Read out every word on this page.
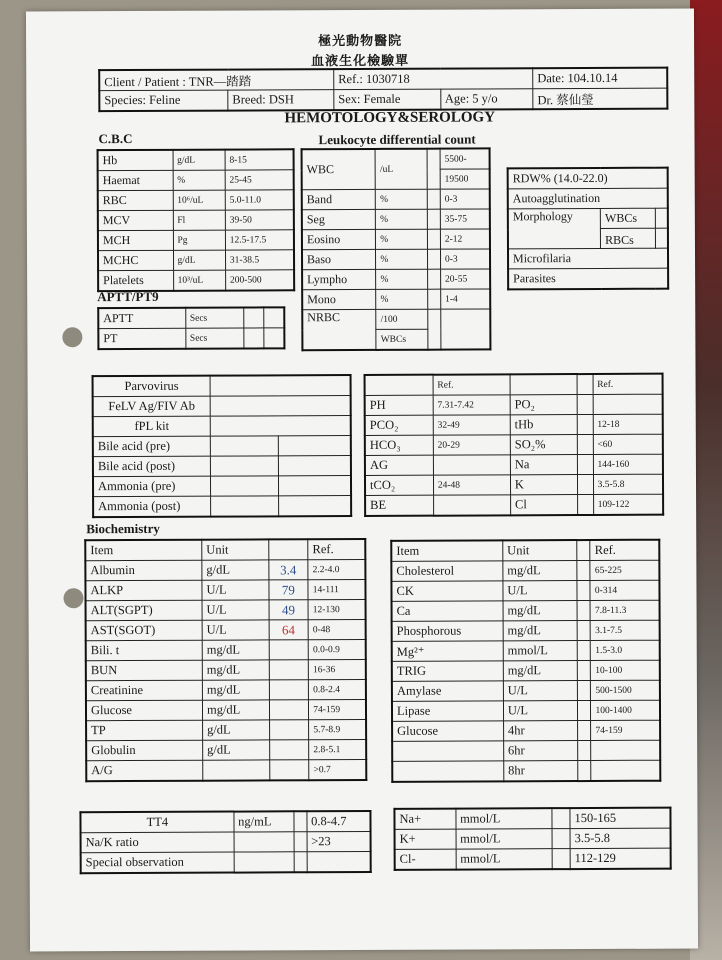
極光動物醫院
血液生化檢驗單
Client / Patient : TNR—踏踏		Ref.: 1030718		Date: 104.10.14
Species: Feline	Breed: DSH	Sex: Female	Age: 5 y/o	Dr. 蔡仙瑩
HEMOTOLOGY&SEROLOGY
C.B.C	Leukocyte differential count
Hb	g/dL	8-15
Haemat	%	25-45
RBC	10⁶/uL	5.0-11.0
MCV	Fl	39-50
MCH	Pg	12.5-17.5
MCHC	g/dL	31-38.5
Platelets	10³/uL	200-500
WBC	/uL		5500-
			19500
Band	%		0-3
Seg	%		35-75
Eosino	%		2-12
Baso	%		0-3
Lympho	%		20-55
Mono	%		1-4
NRBC	/100		
	WBCs		
RDW% (14.0-22.0)		
Autoagglutination		
Morphology	WBCs	
	RBCs	
Microfilaria		
Parasites		
APTT/PT9
APTT	Secs		
PT	Secs		
Parvovirus		
FeLV Ag/FIV Ab		
fPL kit		
Bile acid (pre)		
Bile acid (post)		
Ammonia (pre)		
Ammonia (post)		
	Ref.			Ref.
PH	7.31-7.42	PO₂		
PCO₂	32-49	tHb		12-18
HCO₃	20-29	SO₂%		<60
AG		Na		144-160
tCO₂	24-48	K		3.5-5.8
BE		Cl		109-122
Biochemistry
Item	Unit		Ref.
Albumin	g/dL	3.4	2.2-4.0
ALKP	U/L	79	14-111
ALT(SGPT)	U/L	49	12-130
AST(SGOT)	U/L	64	0-48
Bili. t	mg/dL		0.0-0.9
BUN	mg/dL		16-36
Creatinine	mg/dL		0.8-2.4
Glucose	mg/dL		74-159
TP	g/dL		5.7-8.9
Globulin	g/dL		2.8-5.1
A/G			>0.7
Item	Unit		Ref.
Cholesterol	mg/dL		65-225
CK	U/L		0-314
Ca	mg/dL		7.8-11.3
Phosphorous	mg/dL		3.1-7.5
Mg²⁺	mmol/L		1.5-3.0
TRIG	mg/dL		10-100
Amylase	U/L		500-1500
Lipase	U/L		100-1400
Glucose	4hr		74-159
	6hr		
	8hr		
TT4	ng/mL		0.8-4.7
Na/K ratio			>23
Special observation			
Na+	mmol/L		150-165
K+	mmol/L		3.5-5.8
Cl-	mmol/L		112-129
